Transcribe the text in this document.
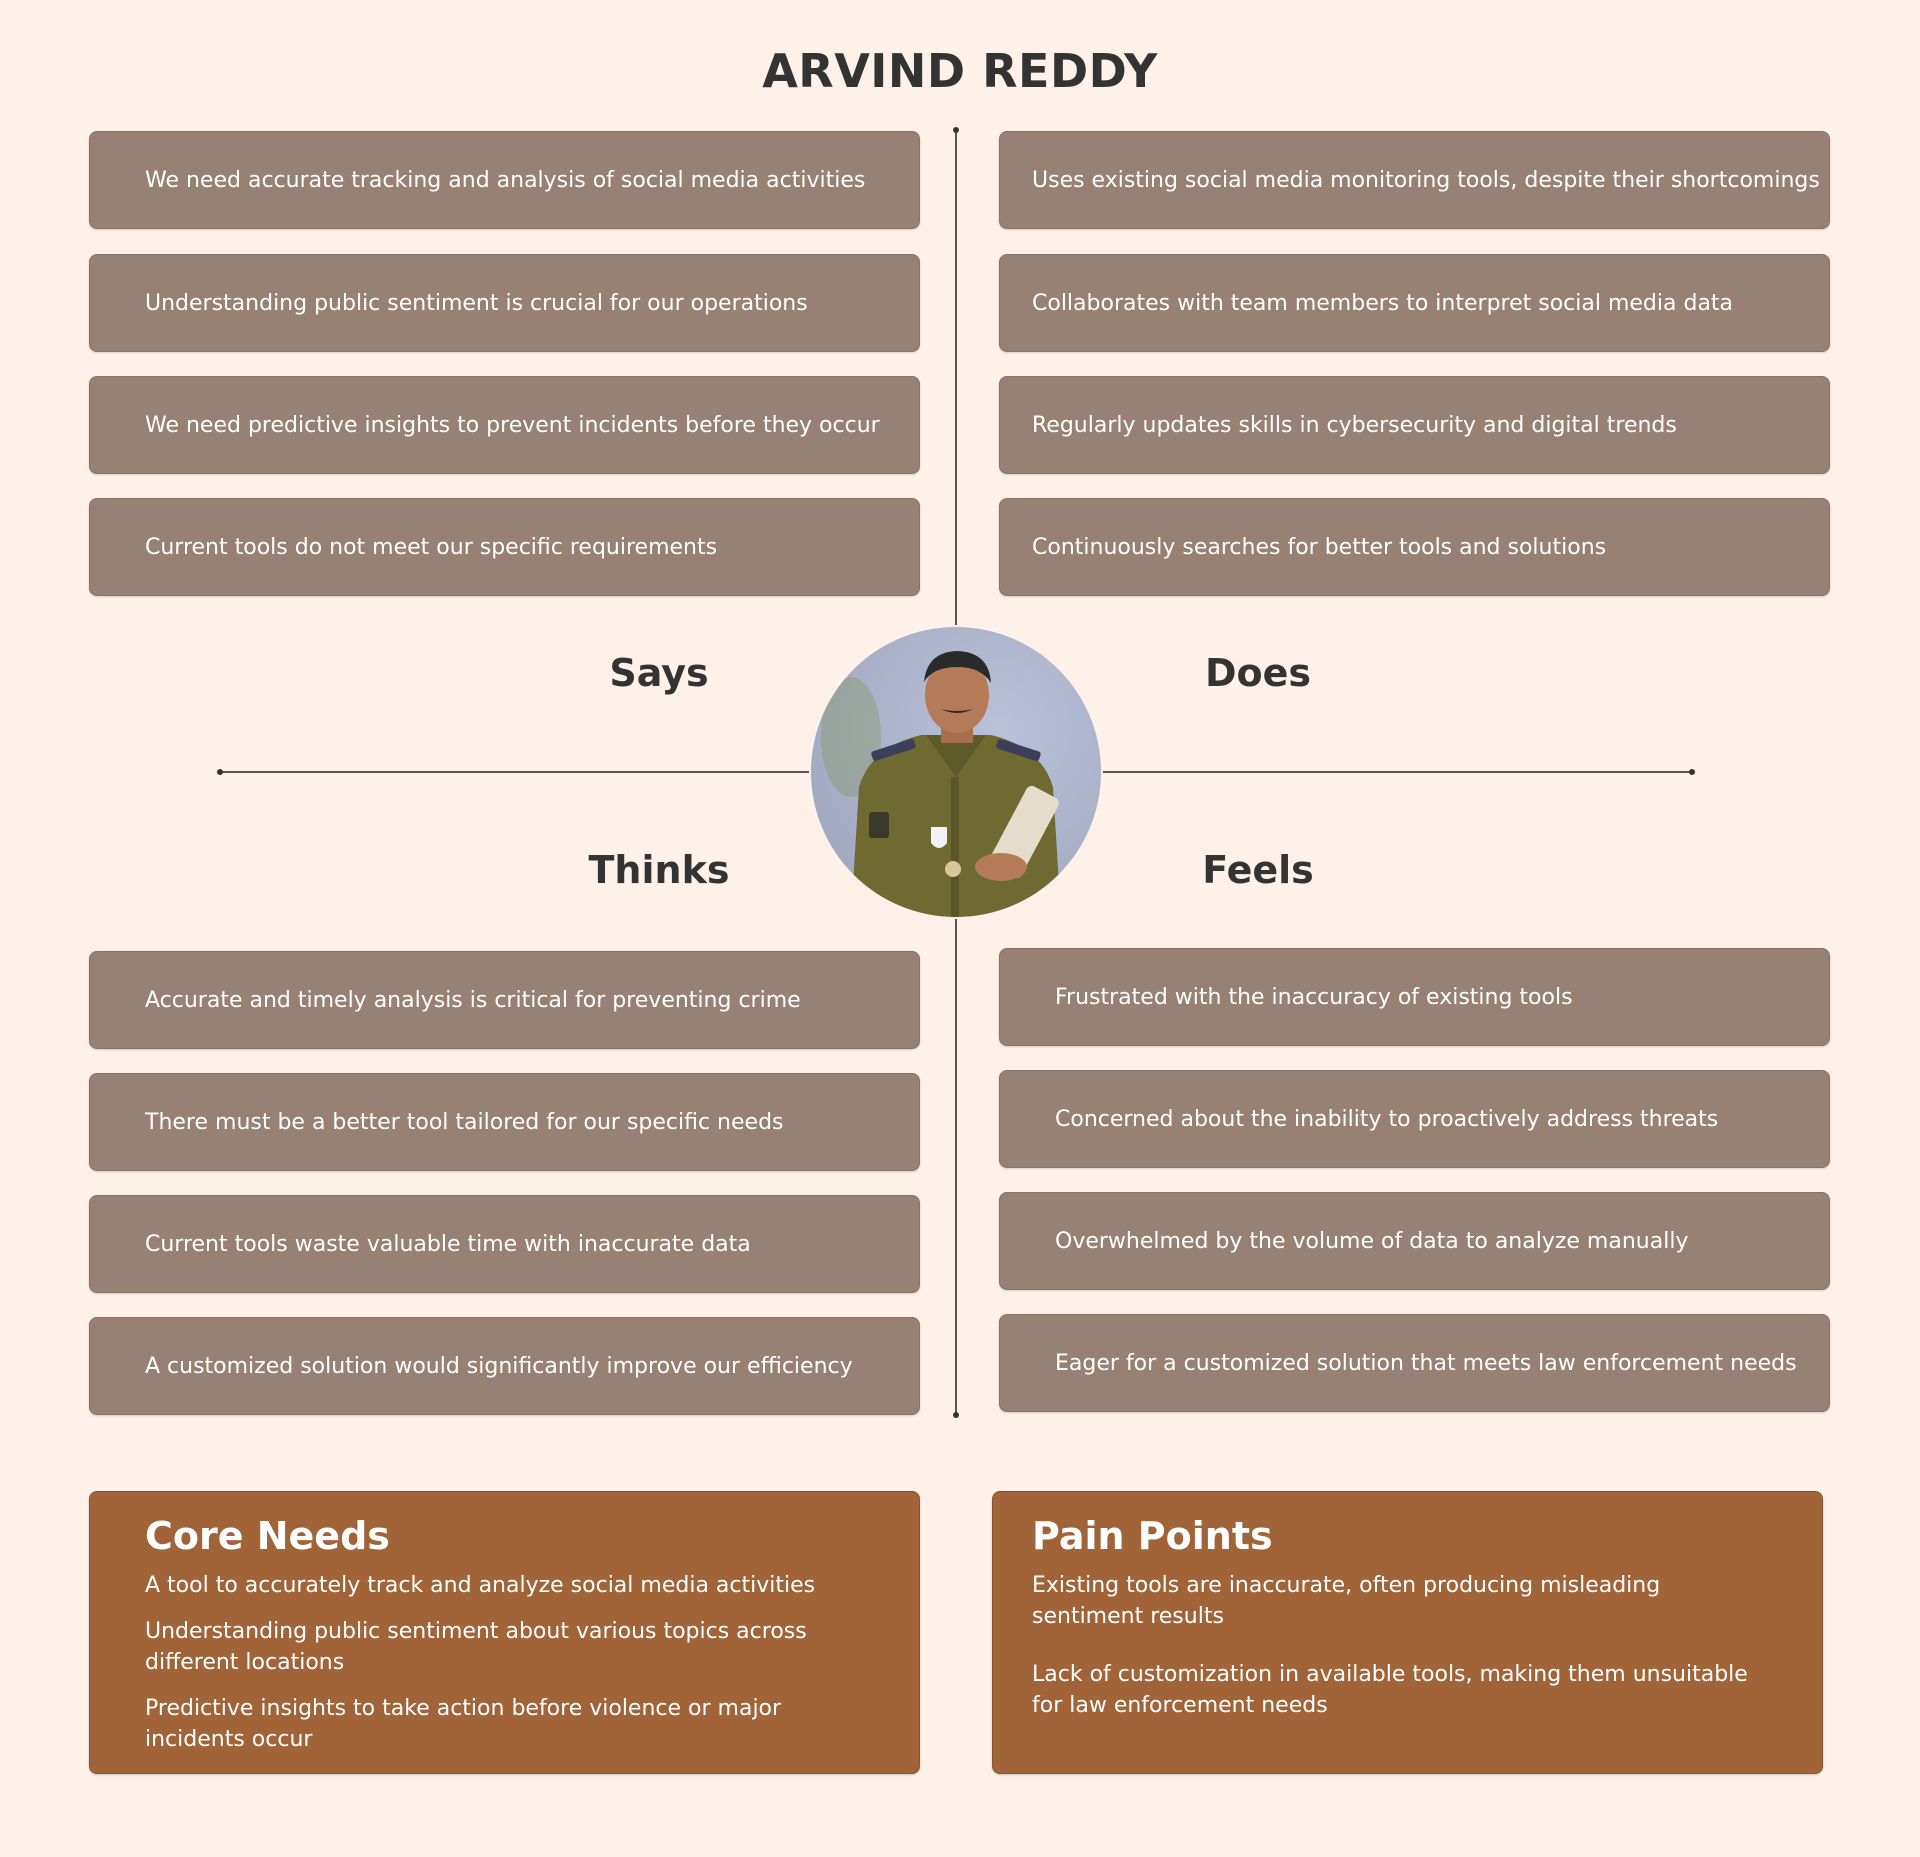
ARVIND REDDY
We need accurate tracking and analysis of social media activities
Understanding public sentiment is crucial for our operations
We need predictive insights to prevent incidents before they occur
Current tools do not meet our specific requirements
Uses existing social media monitoring tools, despite their shortcomings
Collaborates with team members to interpret social media data
Regularly updates skills in cybersecurity and digital trends
Continuously searches for better tools and solutions
Says	Does
Thinks	Feels
Accurate and timely analysis is critical for preventing crime
There must be a better tool tailored for our specific needs
Current tools waste valuable time with inaccurate data
A customized solution would significantly improve our efficiency
Frustrated with the inaccuracy of existing tools
Concerned about the inability to proactively address threats
Overwhelmed by the volume of data to analyze manually
Eager for a customized solution that meets law enforcement needs
Core Needs

A tool to accurately track and analyze social media activities

Understanding public sentiment about various topics across different locations

Predictive insights to take action before violence or major incidents occur

Pain Points

Existing tools are inaccurate, often producing misleading sentiment results

Lack of customization in available tools, making them unsuitable for law enforcement needs
